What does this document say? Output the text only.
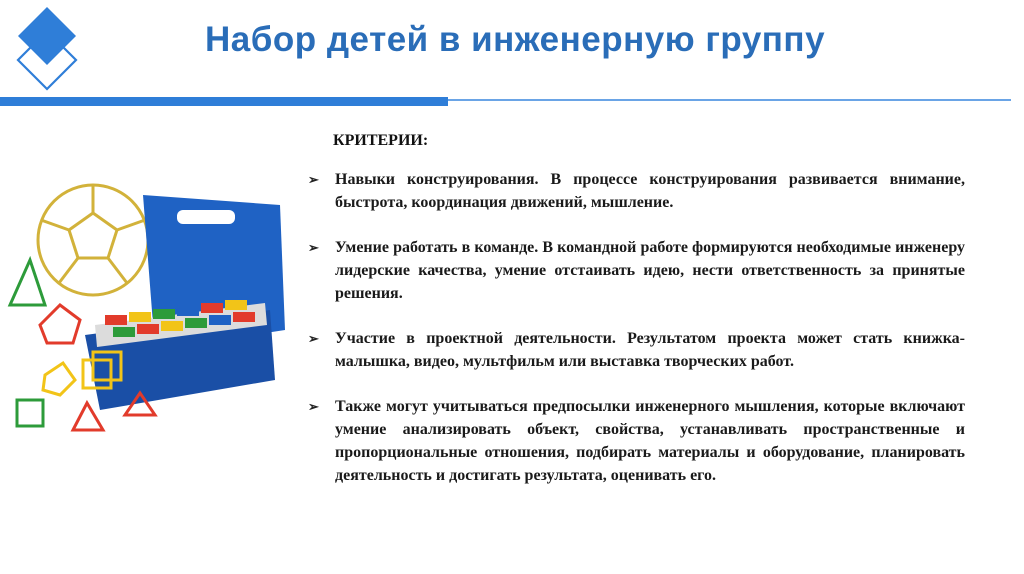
Набор детей в инженерную группу
КРИТЕРИИ:
➢ Навыки конструирования. В процессе конструирования развивается внимание, быстрота, координация движений, мышление.
➢ Умение работать в команде. В командной работе формируются необходимые инженеру лидерские качества, умение отстаивать идею, нести ответственность за принятые решения.
➢ Участие в проектной деятельности. Результатом проекта может стать книжка-малышка, видео, мультфильм или выставка творческих работ.
➢ Также могут учитываться предпосылки инженерного мышления, которые включают умение анализировать объект, свойства, устанавливать пространственные и пропорциональные отношения, подбирать материалы и оборудование, планировать деятельность и достигать результата, оценивать его.
